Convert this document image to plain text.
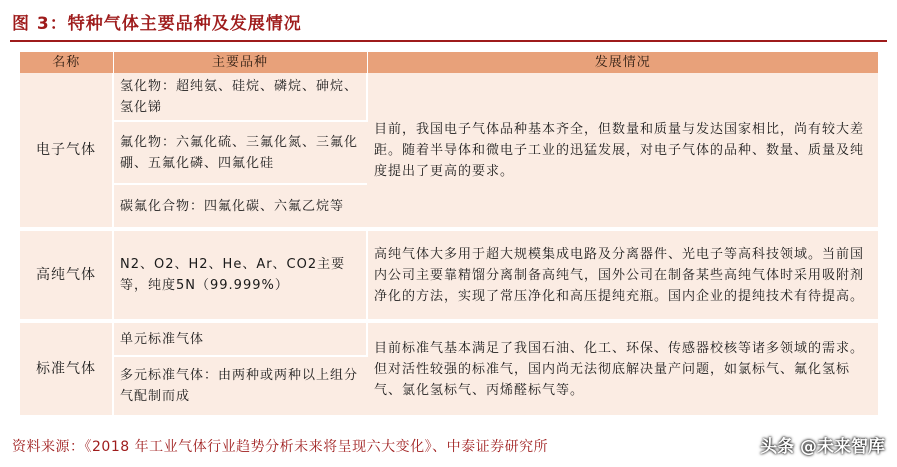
图 3：特种气体主要品种及发展情况
名称	主要品种	发展情况
电子气体	氢化物：超纯氨、硅烷、磷烷、砷烷、氢化锑	目前，我国电子气体品种基本齐全，但数量和质量与发达国家相比，尚有较大差距。随着半导体和微电子工业的迅猛发展，对电子气体的品种、数量、质量及纯度提出了更高的要求。
	氟化物：六氟化硫、三氟化氮、三氟化硼、五氟化磷、四氟化硅	
	碳氟化合物：四氟化碳、六氟乙烷等	
高纯气体	N2、O2、H2、He、Ar、CO2主要等，纯度5N（99.999%）	高纯气体大多用于超大规模集成电路及分离器件、光电子等高科技领域。当前国内公司主要靠精馏分离制备高纯气，国外公司在制备某些高纯气体时采用吸附剂净化的方法，实现了常压净化和高压提纯充瓶。国内企业的提纯技术有待提高。
标准气体	单元标准气体	目前标准气基本满足了我国石油、化工、环保、传感器校核等诸多领域的需求。但对活性较强的标准气，国内尚无法彻底解决量产问题，如氯标气、氟化氢标气、氯化氢标气、丙烯醛标气等。
	多元标准气体：由两种或两种以上组分气配制而成	
资料来源：《2018 年工业气体行业趋势分析未来将呈现六大变化》、中泰证券研究所	头条 @未来智库
